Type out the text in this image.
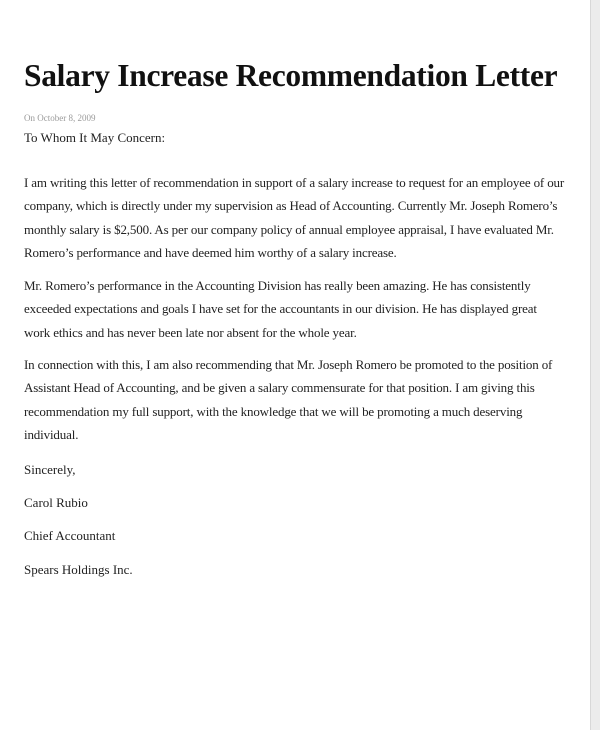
Salary Increase Recommendation Letter
On October 8, 2009
To Whom It May Concern:

I am writing this letter of recommendation in support of a salary increase to request for an employee of our
company, which is directly under my supervision as Head of Accounting. Currently Mr. Joseph Romero’s
monthly salary is $2,500. As per our company policy of annual employee appraisal, I have evaluated Mr.
Romero’s performance and have deemed him worthy of a salary increase.

Mr. Romero’s performance in the Accounting Division has really been amazing. He has consistently
exceeded expectations and goals I have set for the accountants in our division. He has displayed great
work ethics and has never been late nor absent for the whole year.

In connection with this, I am also recommending that Mr. Joseph Romero be promoted to the position of
Assistant Head of Accounting, and be given a salary commensurate for that position. I am giving this
recommendation my full support, with the knowledge that we will be promoting a much deserving
individual.

Sincerely,
Carol Rubio
Chief Accountant
Spears Holdings Inc.
